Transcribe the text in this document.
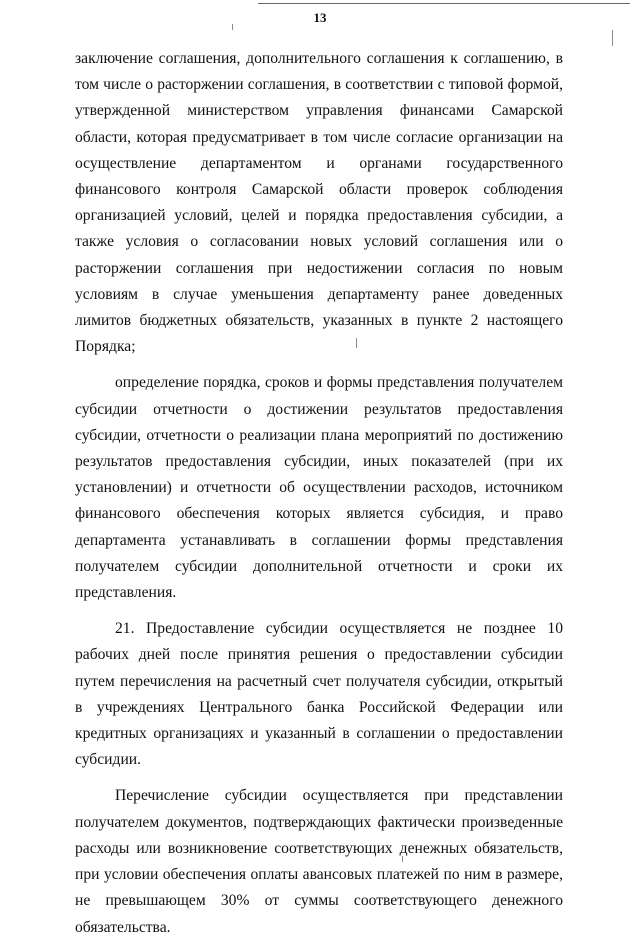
13

заключение соглашения, дополнительного соглашения к соглашению, в том числе о расторжении соглашения, в соответствии с типовой формой, утвержденной министерством управления финансами Самарской области, которая предусматривает в том числе согласие организации на осуществление департаментом и органами государственного финансового контроля Самарской области проверок соблюдения организацией условий, целей и порядка предоставления субсидии, а также условия о согласовании новых условий соглашения или о расторжении соглашения при недостижении согласия по новым условиям в случае уменьшения департаменту ранее доведенных лимитов бюджетных обязательств, указанных в пункте 2 настоящего Порядка;

определение порядка, сроков и формы представления получателем субсидии отчетности о достижении результатов предоставления субсидии, отчетности о реализации плана мероприятий по достижению результатов предоставления субсидии, иных показателей (при их установлении) и отчетности об осуществлении расходов, источником финансового обеспечения которых является субсидия, и право департамента устанавливать в соглашении формы представления получателем субсидии дополнительной отчетности и сроки их представления.

21. Предоставление субсидии осуществляется не позднее 10 рабочих дней после принятия решения о предоставлении субсидии путем перечисления на расчетный счет получателя субсидии, открытый в учреждениях Центрального банка Российской Федерации или кредитных организациях и указанный в соглашении о предоставлении субсидии.

Перечисление субсидии осуществляется при представлении получателем документов, подтверждающих фактически произведенные расходы или возникновение соответствующих денежных обязательств, при условии обеспечения оплаты авансовых платежей по ним в размере, не превышающем 30% от суммы соответствующего денежного обязательства.
